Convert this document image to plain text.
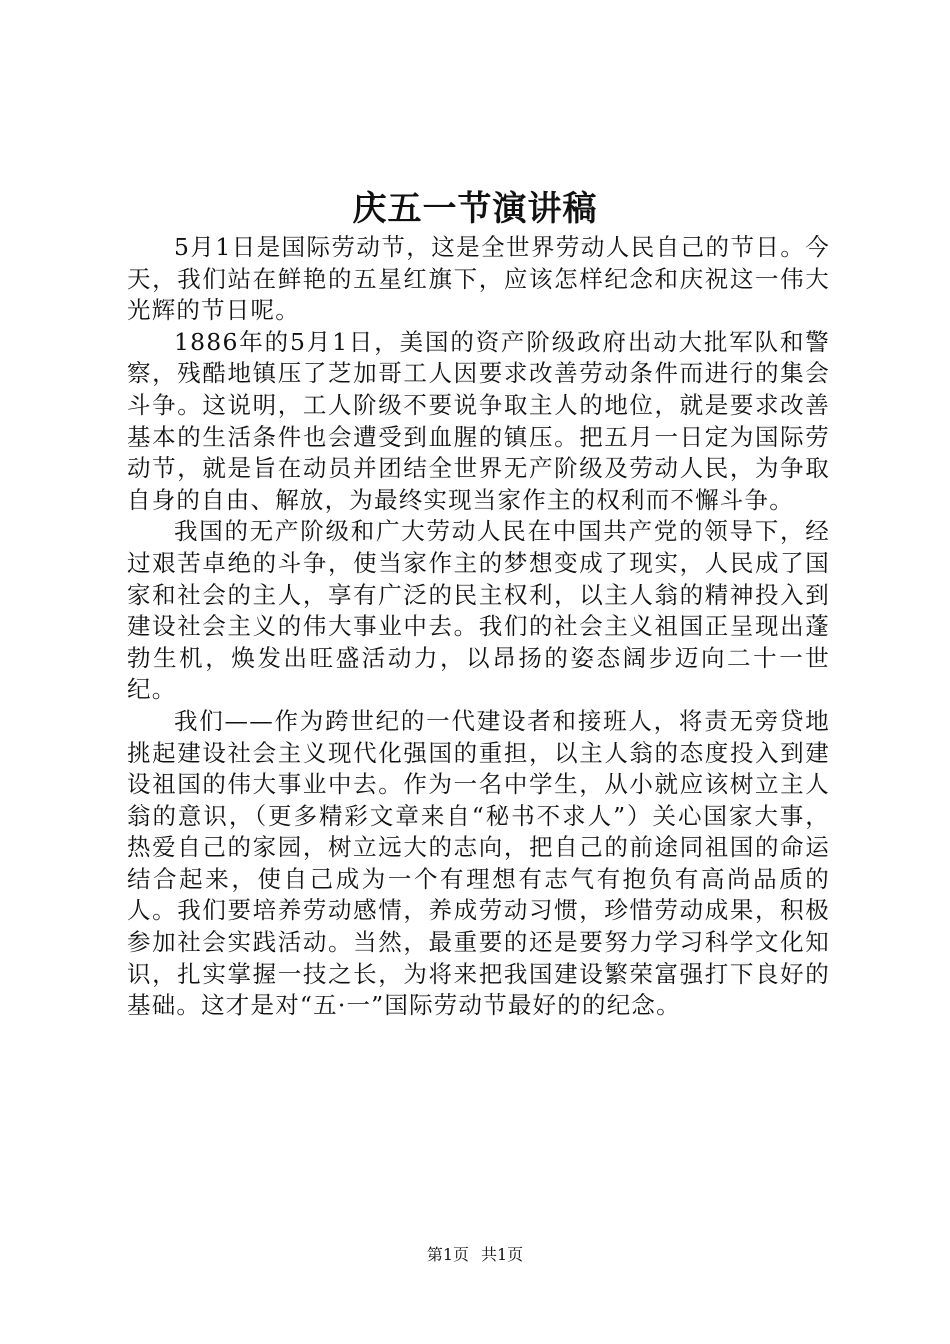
庆五一节演讲稿

5月1日是国际劳动节，这是全世界劳动人民自己的节日。今天，我们站在鲜艳的五星红旗下，应该怎样纪念和庆祝这一伟大光辉的节日呢。

1886年的5月1日，美国的资产阶级政府出动大批军队和警察，残酷地镇压了芝加哥工人因要求改善劳动条件而进行的集会斗争。这说明，工人阶级不要说争取主人的地位，就是要求改善基本的生活条件也会遭受到血腥的镇压。把五月一日定为国际劳动节，就是旨在动员并团结全世界无产阶级及劳动人民，为争取自身的自由、解放，为最终实现当家作主的权利而不懈斗争。

我国的无产阶级和广大劳动人民在中国共产党的领导下，经过艰苦卓绝的斗争，使当家作主的梦想变成了现实，人民成了国家和社会的主人，享有广泛的民主权利，以主人翁的精神投入到建设社会主义的伟大事业中去。我们的社会主义祖国正呈现出蓬勃生机，焕发出旺盛活动力，以昂扬的姿态阔步迈向二十一世纪。

我们——作为跨世纪的一代建设者和接班人，将责无旁贷地挑起建设社会主义现代化强国的重担，以主人翁的态度投入到建设祖国的伟大事业中去。作为一名中学生，从小就应该树立主人翁的意识，（更多精彩文章来自“秘书不求人”）关心国家大事，热爱自己的家园，树立远大的志向，把自己的前途同祖国的命运结合起来，使自己成为一个有理想有志气有抱负有高尚品质的人。我们要培养劳动感情，养成劳动习惯，珍惜劳动成果，积极参加社会实践活动。当然，最重要的还是要努力学习科学文化知识，扎实掌握一技之长，为将来把我国建设繁荣富强打下良好的基础。这才是对“五·一”国际劳动节最好的的纪念。

第1页 共1页
